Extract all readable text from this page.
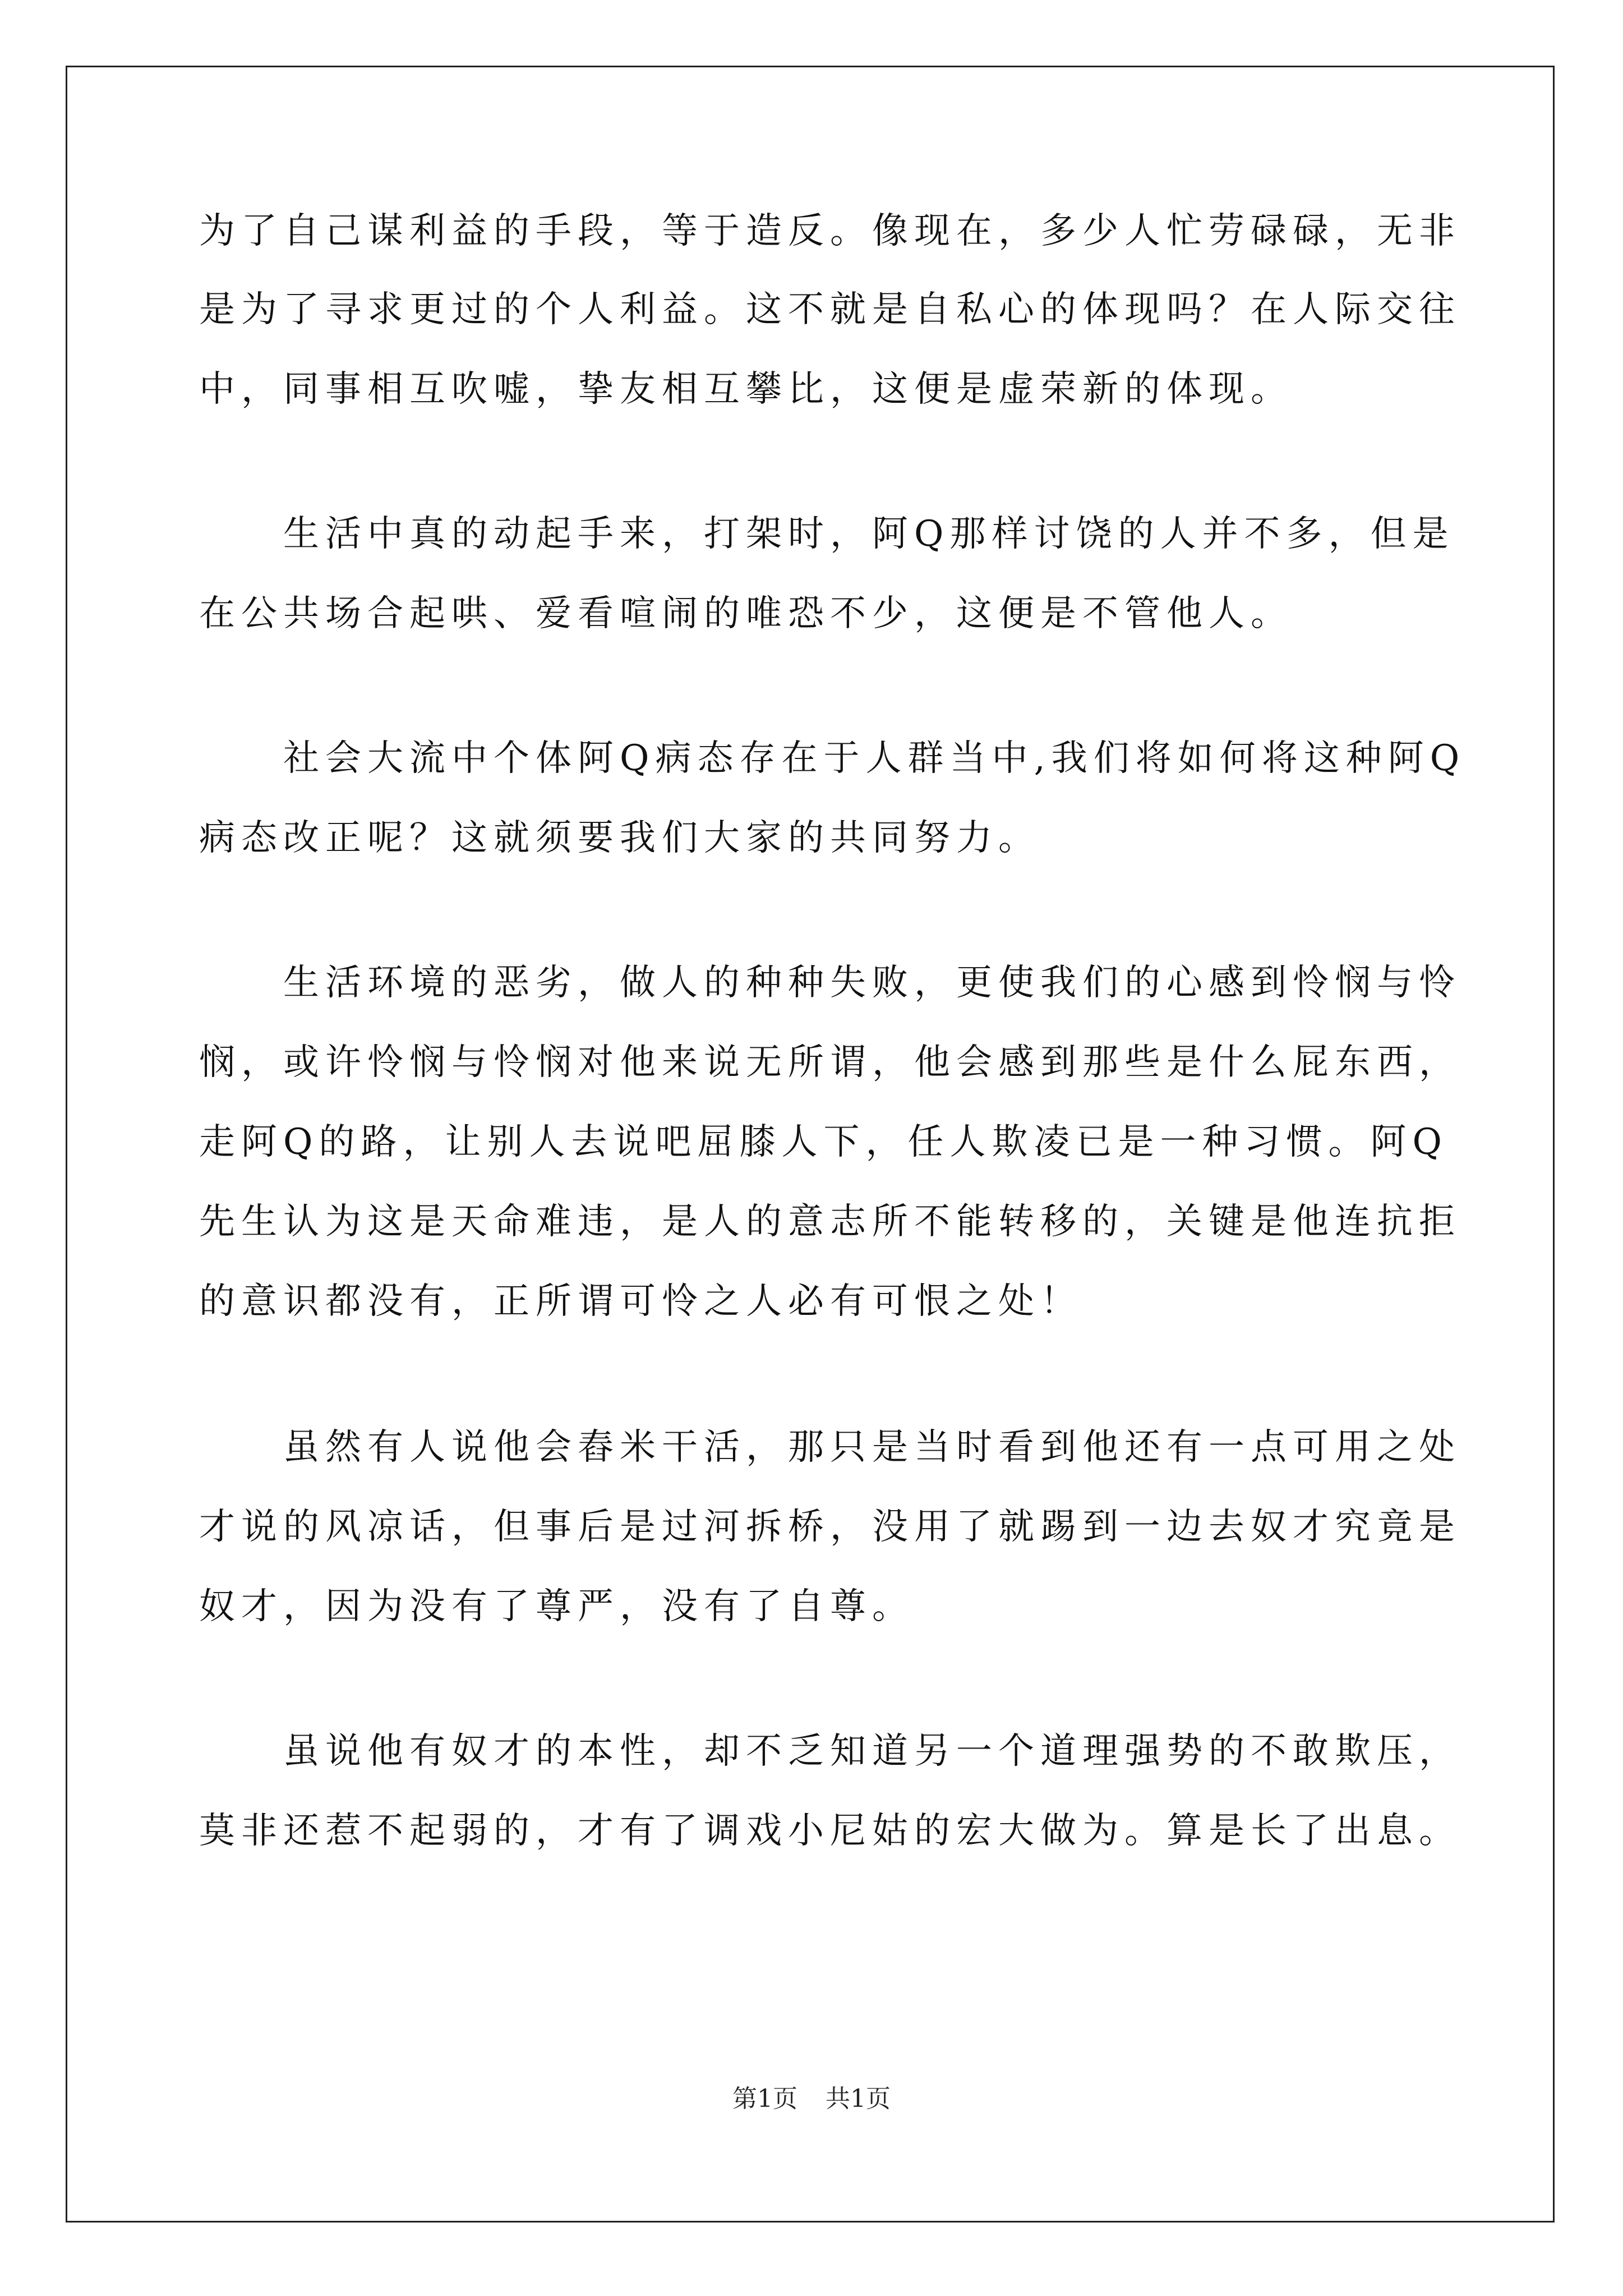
为了自己谋利益的手段，等于造反。像现在，多少人忙劳碌碌，无非
是为了寻求更过的个人利益。这不就是自私心的体现吗？在人际交往
中，同事相互吹嘘，挚友相互攀比，这便是虚荣新的体现。
生活中真的动起手来，打架时，阿Q那样讨饶的人并不多，但是
在公共场合起哄、爱看喧闹的唯恐不少，这便是不管他人。
社会大流中个体阿Q病态存在于人群当中,我们将如何将这种阿Q
病态改正呢？这就须要我们大家的共同努力。
生活环境的恶劣，做人的种种失败，更使我们的心感到怜悯与怜
悯，或许怜悯与怜悯对他来说无所谓，他会感到那些是什么屁东西，
走阿Q的路，让别人去说吧屈膝人下，任人欺凌已是一种习惯。阿Q
先生认为这是天命难违，是人的意志所不能转移的，关键是他连抗拒
的意识都没有，正所谓可怜之人必有可恨之处！
虽然有人说他会舂米干活，那只是当时看到他还有一点可用之处
才说的风凉话，但事后是过河拆桥，没用了就踢到一边去奴才究竟是
奴才，因为没有了尊严，没有了自尊。
虽说他有奴才的本性，却不乏知道另一个道理强势的不敢欺压，
莫非还惹不起弱的，才有了调戏小尼姑的宏大做为。算是长了出息。
第1页 共1页
